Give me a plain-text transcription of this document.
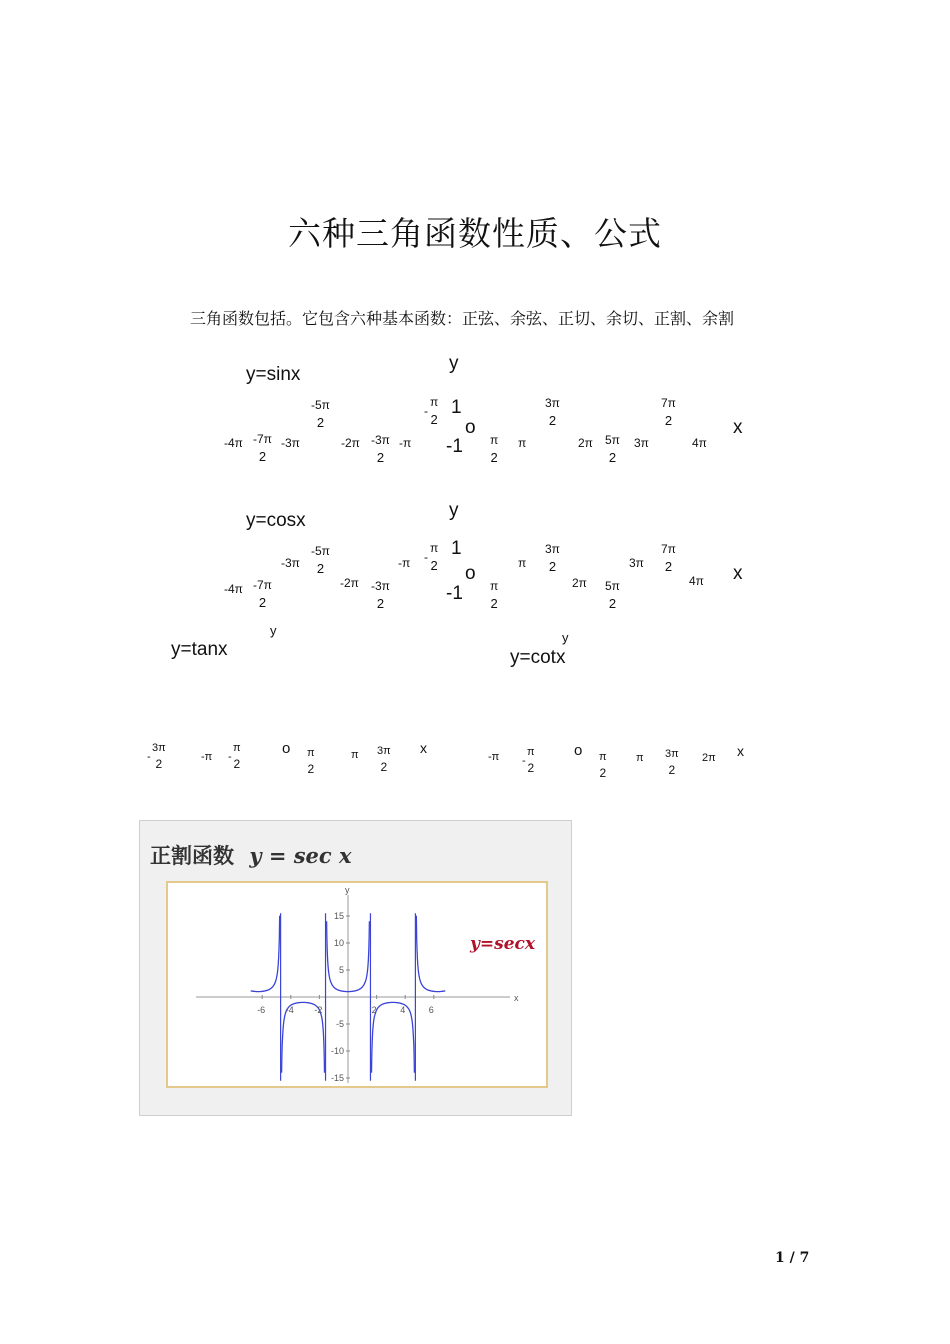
六种三角函数性质、公式
三角函数包括。它包含六种基本函数：正弦、余弦、正切、余切、正割、余割
y=sinx
y
1
o
-1
x
-4π	-3π	-2π	-π	π	2π	3π	4π
-5π
2
-7π
2
-3π
2
-
π
2
π
2
3π
2
5π
2
7π
2
y=cosx	y
1
o
-1
x
-4π
-3π
-2π
-π	π
2π
3π
4π
-5π
2
-7π
2
-3π
2
-
π
2
π
2
3π
2
5π
2
7π
2
y=tanx
y
o	x
-
3π
2	-π -
π
2
π
2
π 3π
2
y=cotx
y
o	x
-π -
π
2
π
2
π 3π
2
2π
正割函数 y = sec x
x
y
-6 -4 -2	2	4	6
15
10
5
-5
-10
-15
y=secx
1 / 7
